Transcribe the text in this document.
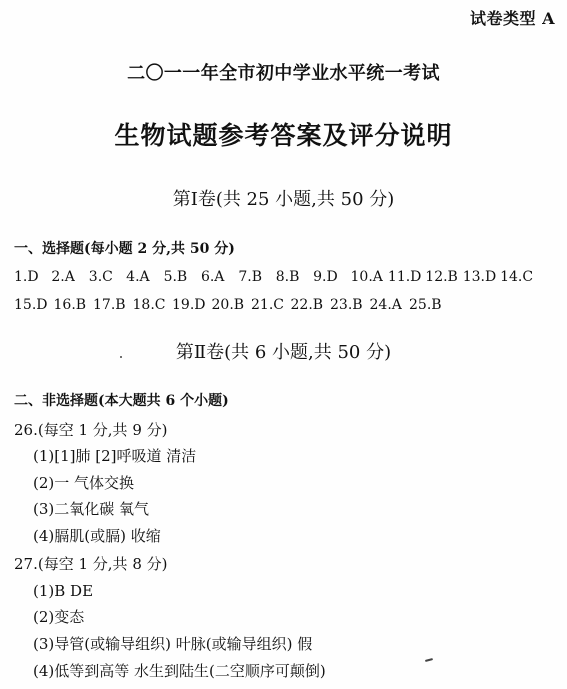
试卷类型 A
二〇一一年全市初中学业水平统一考试
生物试题参考答案及评分说明
第Ⅰ卷(共 25 小题,共 50 分)
一、选择题(每小题 2 分,共 50 分)
1.D 2.A 3.C 4.A 5.B 6.A 7.B 8.B 9.D 10.A 11.D 12.B 13.D 14.C
15.D 16.B 17.B 18.C 19.D 20.B 21.C 22.B 23.B 24.A 25.B
第Ⅱ卷(共 6 小题,共 50 分)
二、非选择题(本大题共 6 个小题)
26.(每空 1 分,共 9 分)
(1)[1]肺 [2]呼吸道 清洁
(2)一 气体交换
(3)二氧化碳 氧气
(4)膈肌(或膈) 收缩
27.(每空 1 分,共 8 分)
(1)B DE
(2)变态
(3)导管(或输导组织) 叶脉(或输导组织) 假
(4)低等到高等 水生到陆生(二空顺序可颠倒)
